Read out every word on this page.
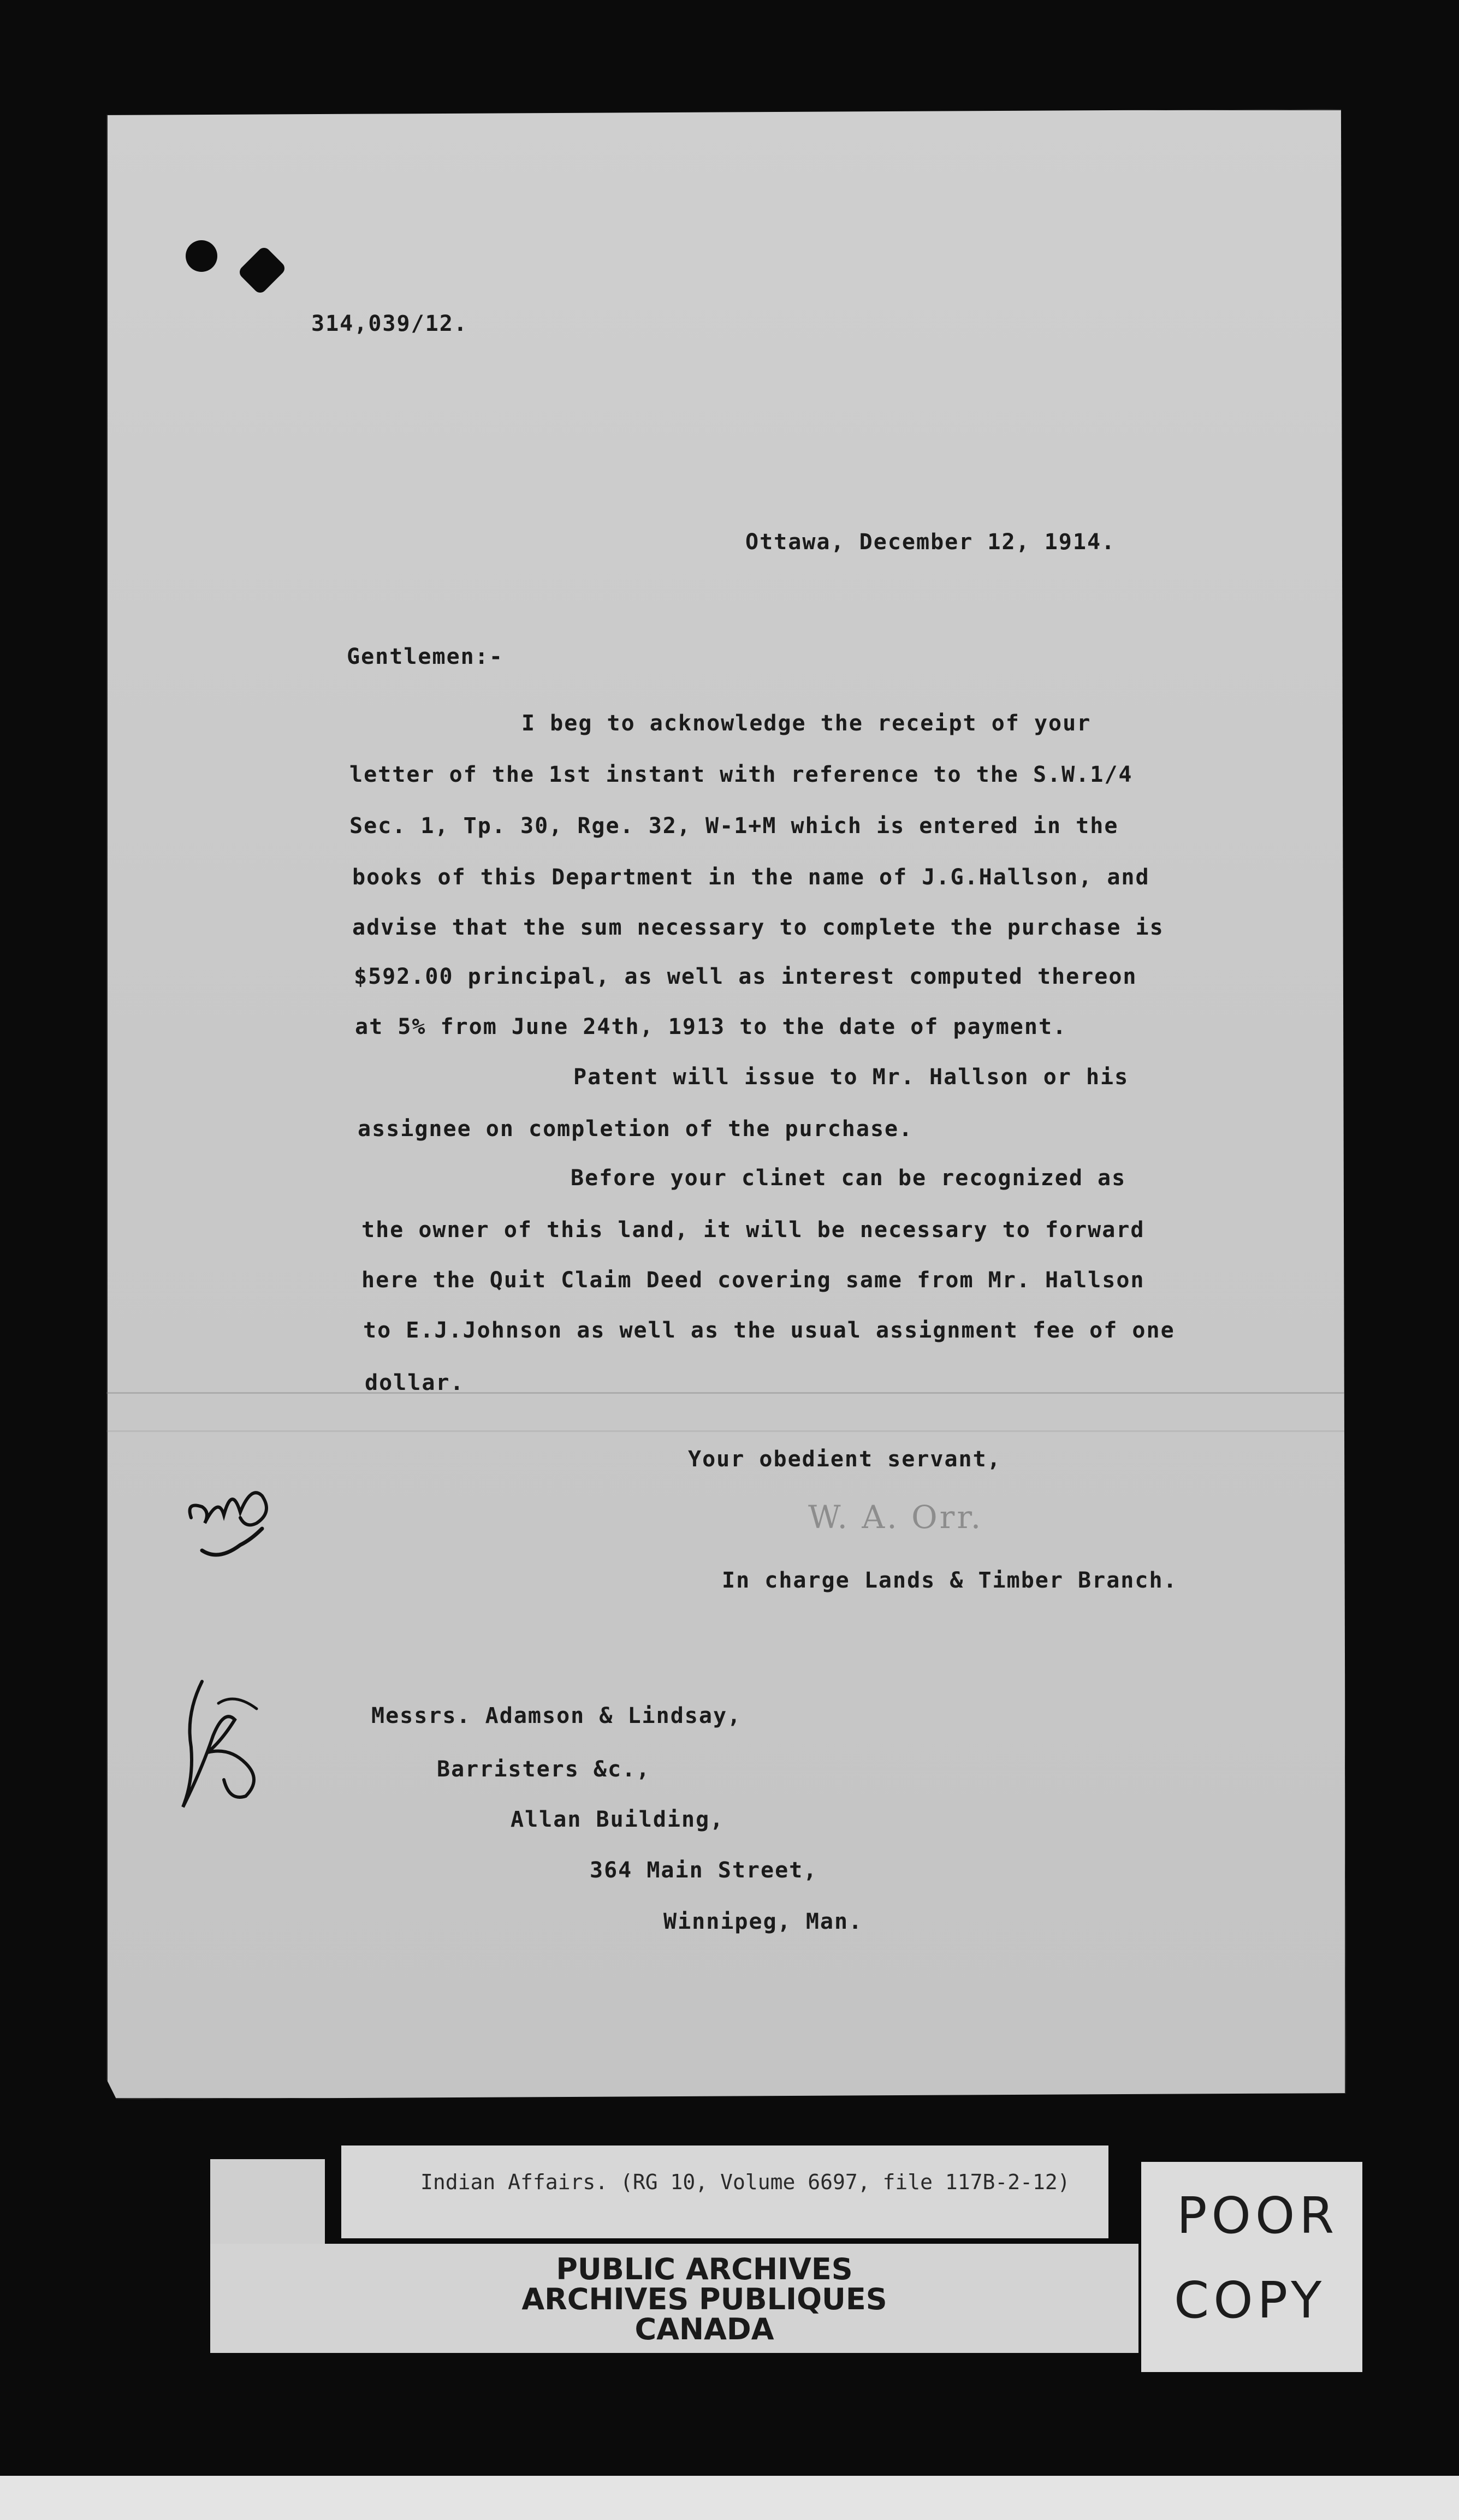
314,039/12.
Ottawa, December 12, 1914.
Gentlemen:-
I beg to acknowledge the receipt of your
letter of the 1st instant with reference to the S.W.1/4
Sec. 1, Tp. 30, Rge. 32, W-1+M which is entered in the
books of this Department in the name of J.G.Hallson, and
advise that the sum necessary to complete the purchase is
$592.00 principal, as well as interest computed thereon
at 5% from June 24th, 1913 to the date of payment.
Patent will issue to Mr. Hallson or his
assignee on completion of the purchase.
Before your clinet can be recognized as
the owner of this land, it will be necessary to forward
here the Quit Claim Deed covering same from Mr. Hallson
to E.J.Johnson as well as the usual assignment fee of one
dollar.
Your obedient servant,
W. A. Orr.
In charge Lands & Timber Branch.
Messrs. Adamson & Lindsay,
Barristers &c.,
Allan Building,
364 Main Street,
Winnipeg, Man.
Indian Affairs. (RG 10, Volume 6697, file 117B-2-12)
PUBLIC ARCHIVES
ARCHIVES PUBLIQUES
CANADA
POOR
COPY
